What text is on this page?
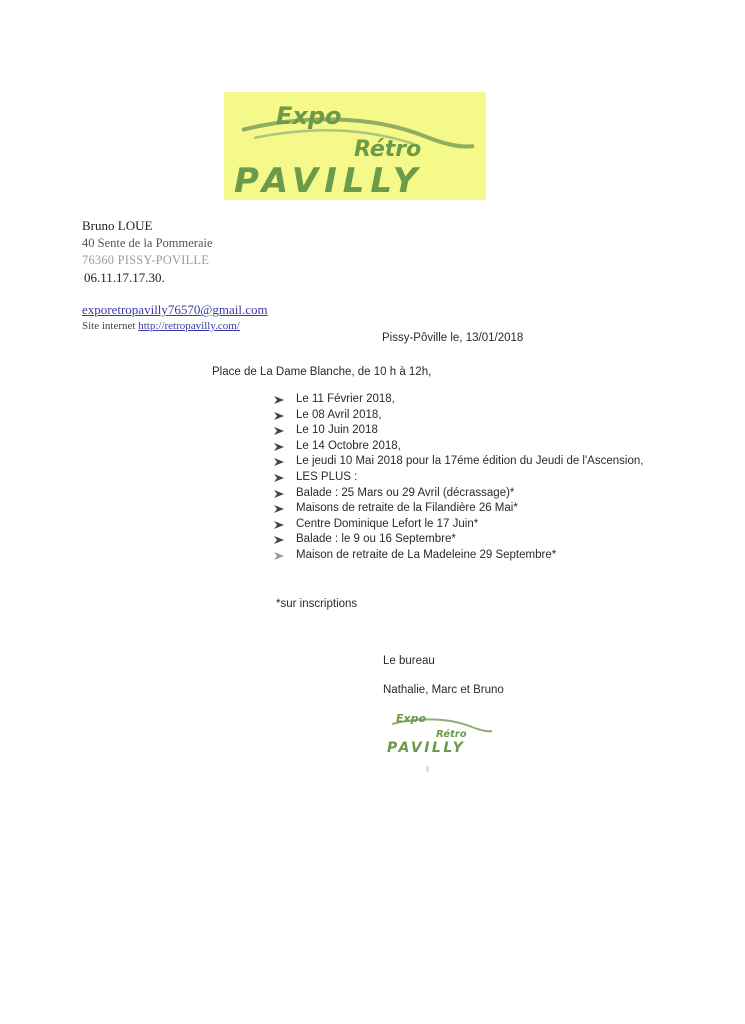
Expo
Rétro
PAVILLY
Bruno LOUE
40 Sente de la Pommeraie
76360 PISSY-POVILLE
06.11.17.17.30.
exporetropavilly76570@gmail.com
Site internet http://retropavilly.com/
Pissy-Pôville le, 13/01/2018
Place de La Dame Blanche, de 10 h à 12h,
Le 11 Février 2018,
Le 08 Avril 2018,
Le 10 Juin 2018
Le 14 Octobre 2018,
Le jeudi 10 Mai 2018 pour la 17éme édition du Jeudi de l'Ascension,
LES PLUS :
Balade : 25 Mars ou 29 Avril (décrassage)*
Maisons de retraite de la Filandière 26 Mai*
Centre Dominique Lefort le 17 Juin*
Balade : le 9 ou 16 Septembre*
Maison de retraite de La Madeleine 29 Septembre*
*sur inscriptions
Le bureau
Nathalie, Marc et Bruno
Expo
Rétro
PAVILLY
